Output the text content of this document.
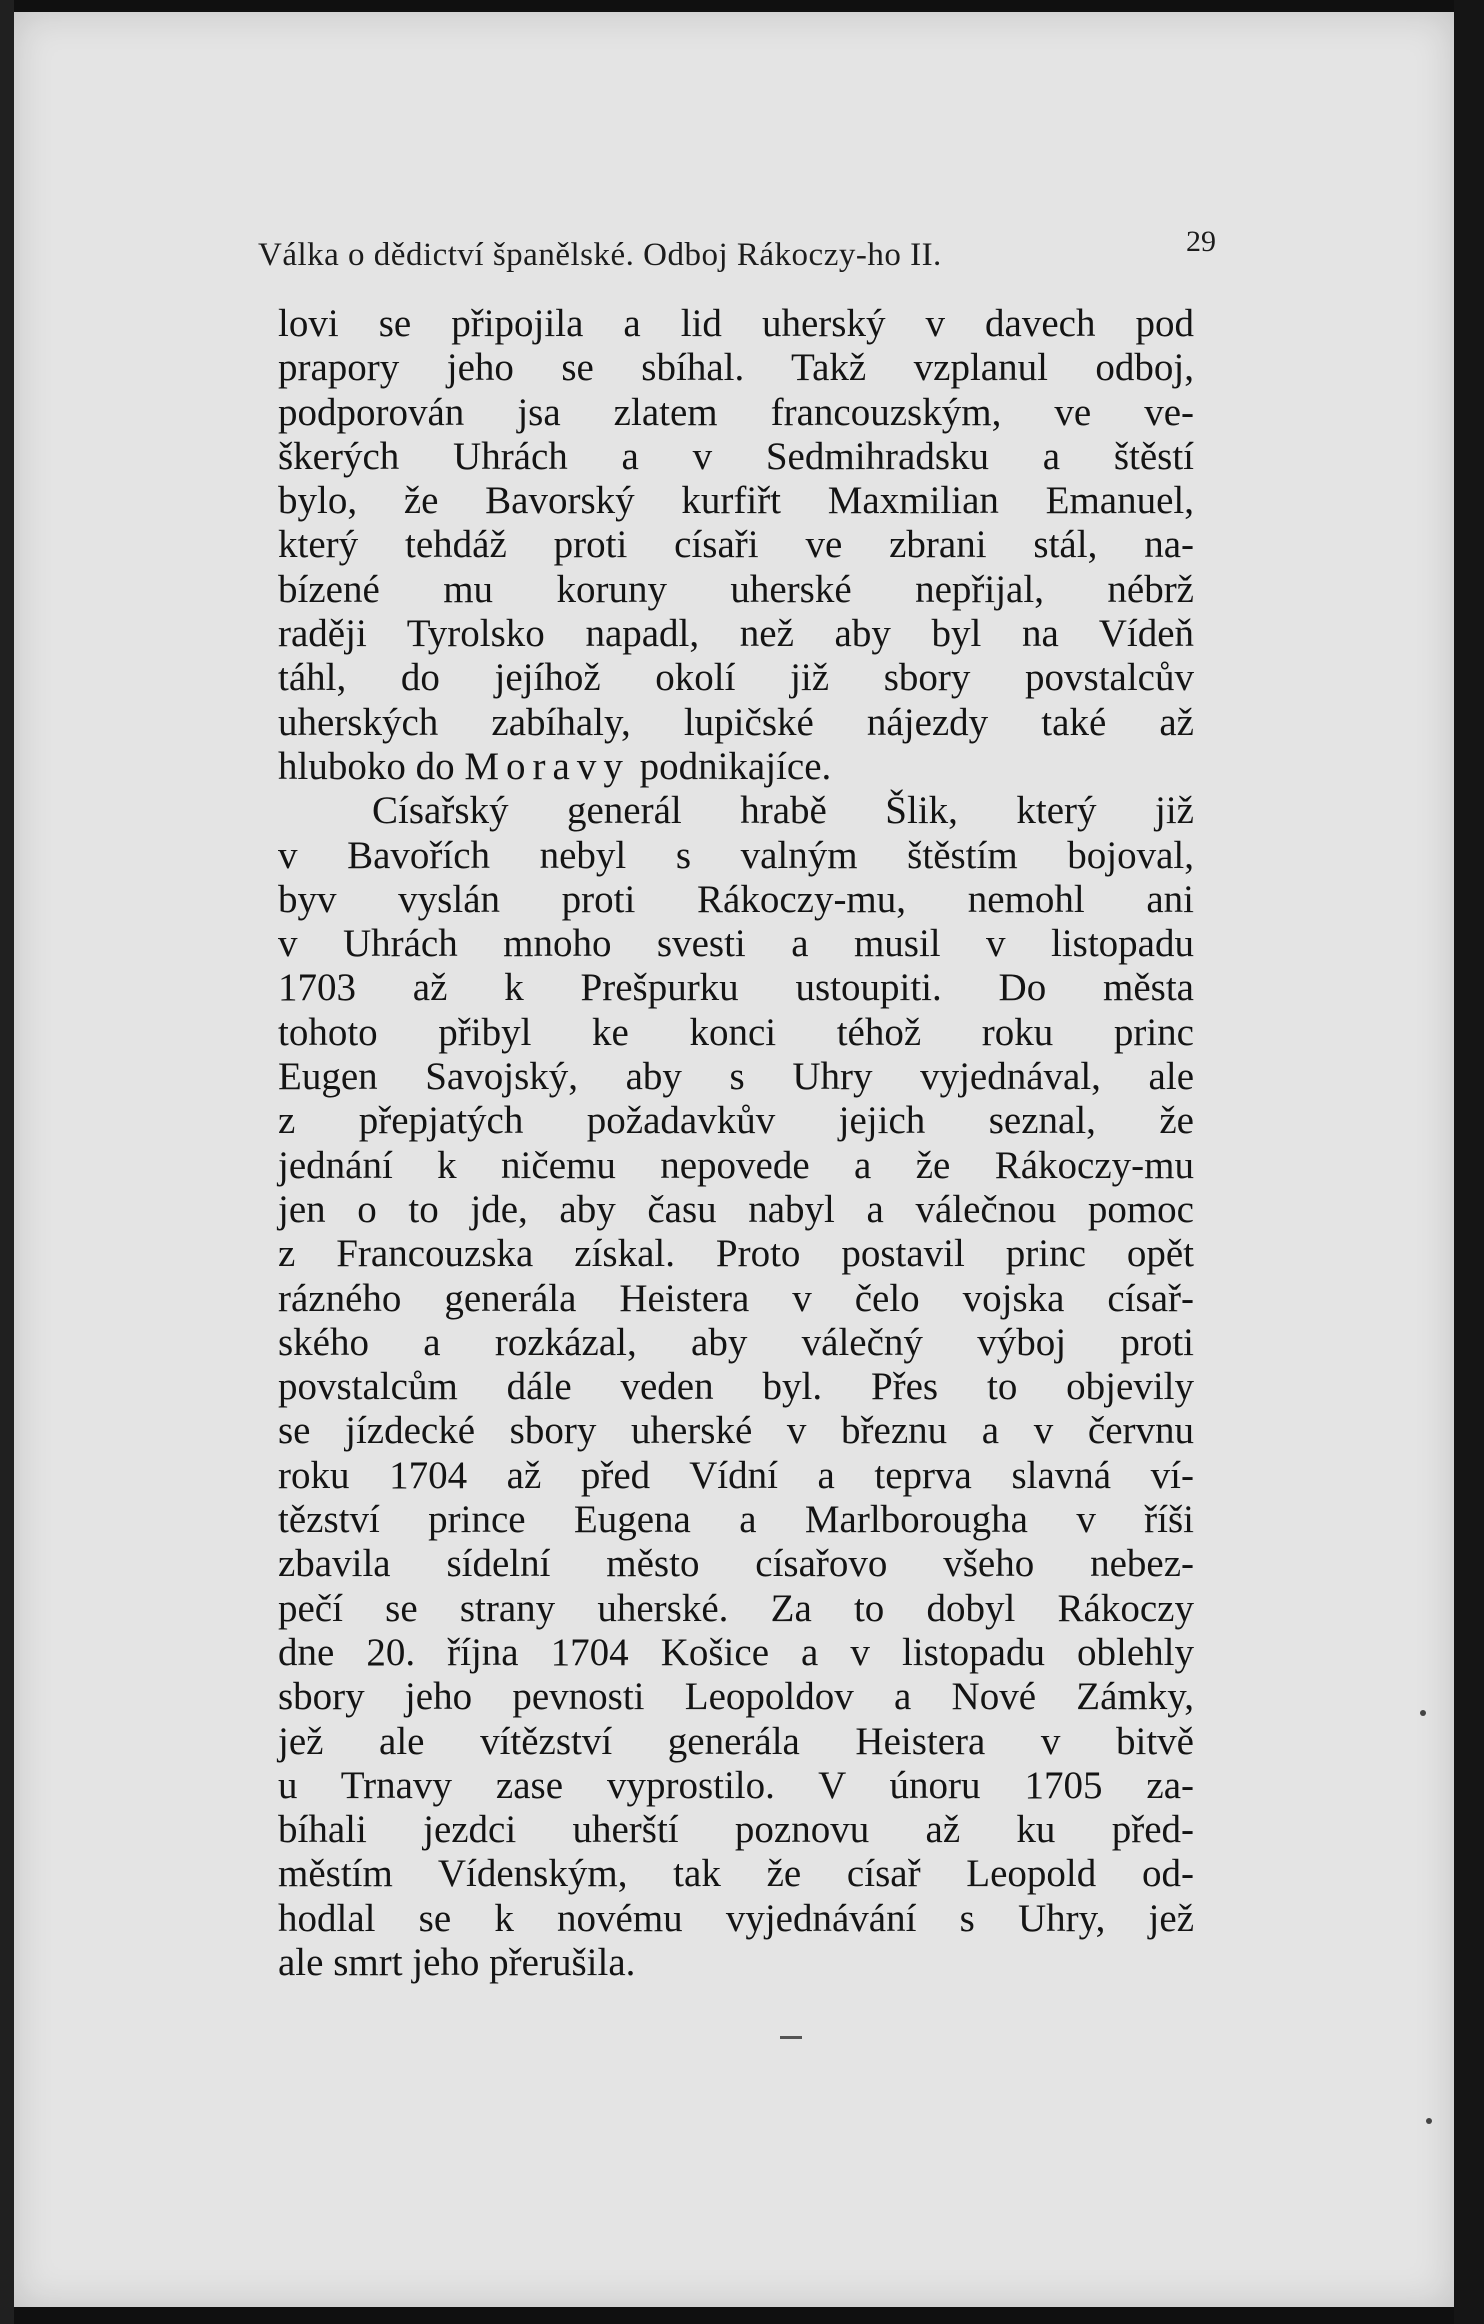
Válka o dědictví španělské. Odboj Rákoczy-ho II.	29
lovi se připojila a lid uherský v davech pod
prapory jeho se sbíhal. Takž vzplanul odboj,
podporován jsa zlatem francouzským, ve ve-
škerých Uhrách a v Sedmihradsku a štěstí
bylo, že Bavorský kurfiřt Maxmilian Emanuel,
který tehdáž proti císaři ve zbrani stál, na-
bízené mu koruny uherské nepřijal, nébrž
raději Tyrolsko napadl, než aby byl na Vídeň
táhl, do jejíhož okolí již sbory povstalcův
uherských zabíhaly, lupičské nájezdy také až
hluboko do Moravy podnikajíce.
Císařský generál hrabě Šlik, který již
v Bavořích nebyl s valným štěstím bojoval,
byv vyslán proti Rákoczy-mu, nemohl ani
v Uhrách mnoho svesti a musil v listopadu
1703 až k Prešpurku ustoupiti. Do města
tohoto přibyl ke konci téhož roku princ
Eugen Savojský, aby s Uhry vyjednával, ale
z přepjatých požadavkův jejich seznal, že
jednání k ničemu nepovede a že Rákoczy-mu
jen o to jde, aby času nabyl a válečnou pomoc
z Francouzska získal. Proto postavil princ opět
rázného generála Heistera v čelo vojska císař-
ského a rozkázal, aby válečný výboj proti
povstalcům dále veden byl. Přes to objevily
se jízdecké sbory uherské v březnu a v červnu
roku 1704 až před Vídní a teprva slavná ví-
tězství prince Eugena a Marlborougha v říši
zbavila sídelní město císařovo všeho nebez-
pečí se strany uherské. Za to dobyl Rákoczy
dne 20. října 1704 Košice a v listopadu oblehly
sbory jeho pevnosti Leopoldov a Nové Zámky,
jež ale vítězství generála Heistera v bitvě
u Trnavy zase vyprostilo. V únoru 1705 za-
bíhali jezdci uherští poznovu až ku před-
městím Vídenským, tak že císař Leopold od-
hodlal se k novému vyjednávání s Uhry, jež
ale smrt jeho přerušila.
